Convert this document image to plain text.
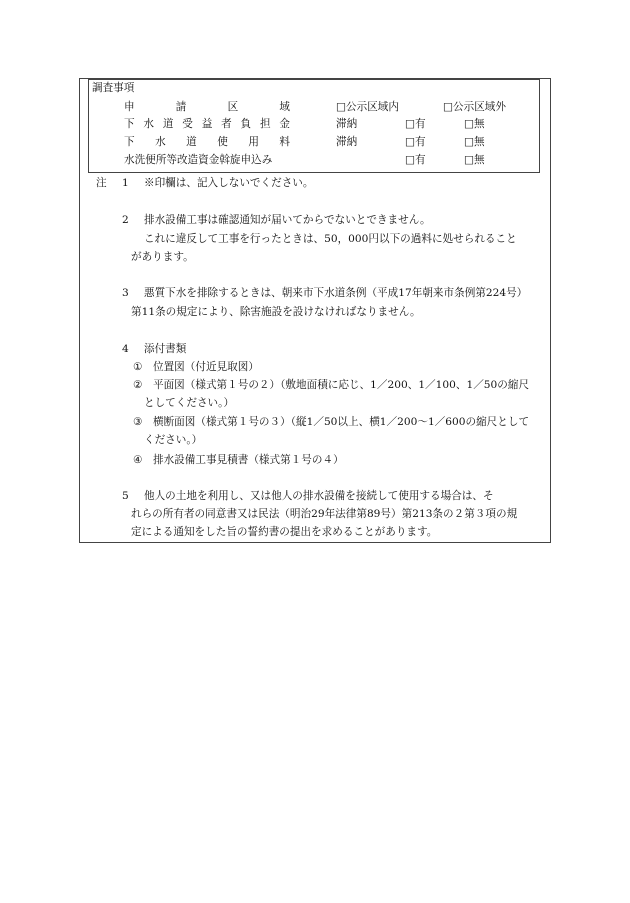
調査事項
申	請	区	域	□公示区域内	□公示区域外
下 水 道 受 益 者 負 担 金	滞納	□有	□無
下 水 道 使 用 料	滞納	□有	□無
水洗便所等改造資金斡旋申込み	□有	□無
注 1 ※印欄は、記入しないでください。
2 排水設備工事は確認通知が届いてからでないとできません。
これに違反して工事を行ったときは、50，000円以下の過料に処せられること
があります。
3 悪質下水を排除するときは、朝来市下水道条例（平成17年朝来市条例第224号）
第11条の規定により、除害施設を設けなければなりません。
4 添付書類
① 位置図（付近見取図）
② 平面図（様式第１号の２）（敷地面積に応じ、1／200、1／100、1／50の縮尺
としてください。）
③ 横断面図（様式第１号の３）（縦1／50以上、横1／200～1／600の縮尺として
ください。）
④ 排水設備工事見積書（様式第１号の４）
5 他人の土地を利用し、又は他人の排水設備を接続して使用する場合は、そ
れらの所有者の同意書又は民法（明治29年法律第89号）第213条の２第３項の規
定による通知をした旨の誓約書の提出を求めることがあります。
